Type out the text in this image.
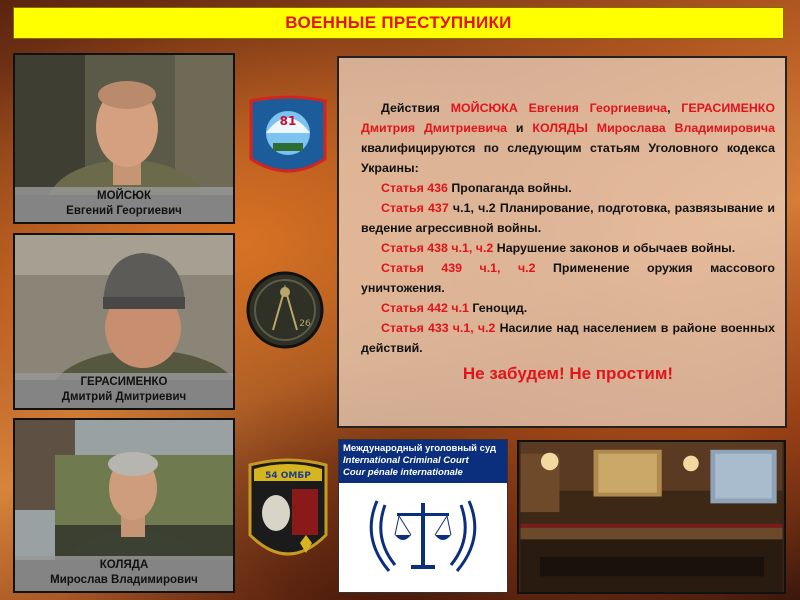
ВОЕННЫЕ ПРЕСТУПНИКИ
МОЙСЮК
Евгений Георгиевич
ГЕРАСИМЕНКО
Дмитрий Дмитриевич
КОЛЯДА
Мирослав Владимирович
81
26
54 ОМБР

Действия МОЙСЮКА Евгения Георгиевича, ГЕРАСИМЕНКО Дмитрия Дмитриевича и КОЛЯДЫ Мирослава Владимировича квалифицируются по следующим статьям Уголовного кодекса Украины:

Статья 436 Пропаганда войны.

Статья 437 ч.1, ч.2 Планирование, подготовка, развязывание и ведение агрессивной войны.

Статья 438 ч.1, ч.2 Нарушение законов и обычаев войны.

Статья 439 ч.1, ч.2 Применение оружия массового уничтожения.

Статья 442 ч.1 Геноцид.

Статья 433 ч.1, ч.2 Насилие над населением в районе военных действий.

Не забудем! Не простим!
Международный уголовный суд
International Criminal Court
Cour pénale internationale
